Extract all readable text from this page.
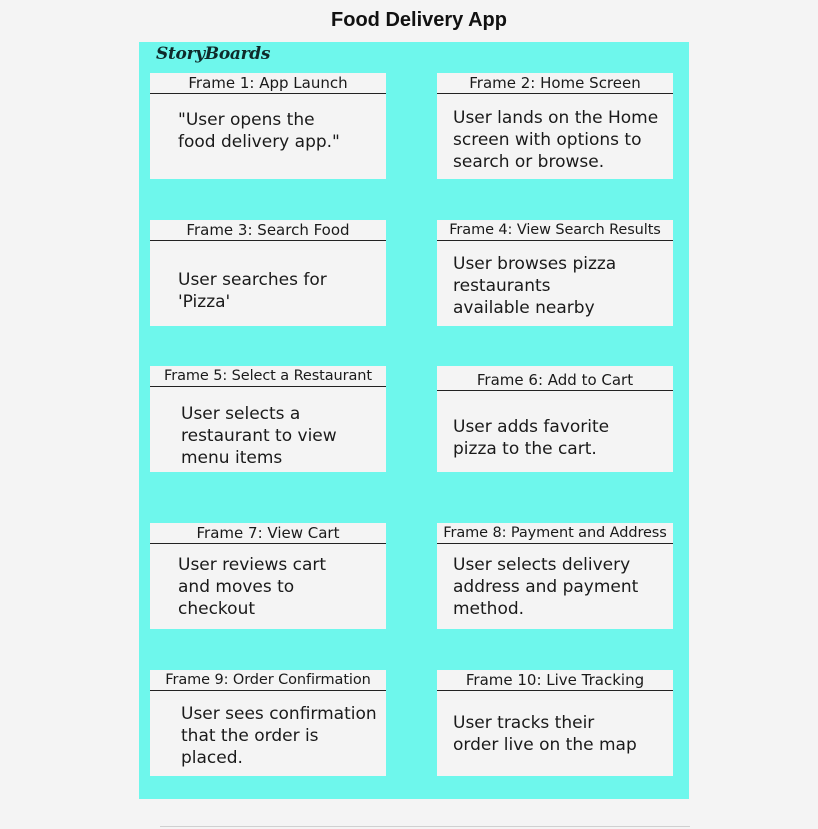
Food Delivery App
StoryBoards
Frame 1: App Launch
"User opens the
food delivery app."
Frame 2: Home Screen
User lands on the Home
screen with options to
search or browse.
Frame 3: Search Food
User searches for
'Pizza'
Frame 4: View Search Results
User browses pizza
restaurants
available nearby
Frame 5: Select a Restaurant
User selects a
restaurant to view
menu items
Frame 6: Add to Cart
User adds favorite
pizza to the cart.
Frame 7: View Cart
User reviews cart
and moves to
checkout
Frame 8: Payment and Address
User selects delivery
address and payment
method.
Frame 9: Order Confirmation
User sees confirmation
that the order is
placed.
Frame 10: Live Tracking
User tracks their
order live on the map
